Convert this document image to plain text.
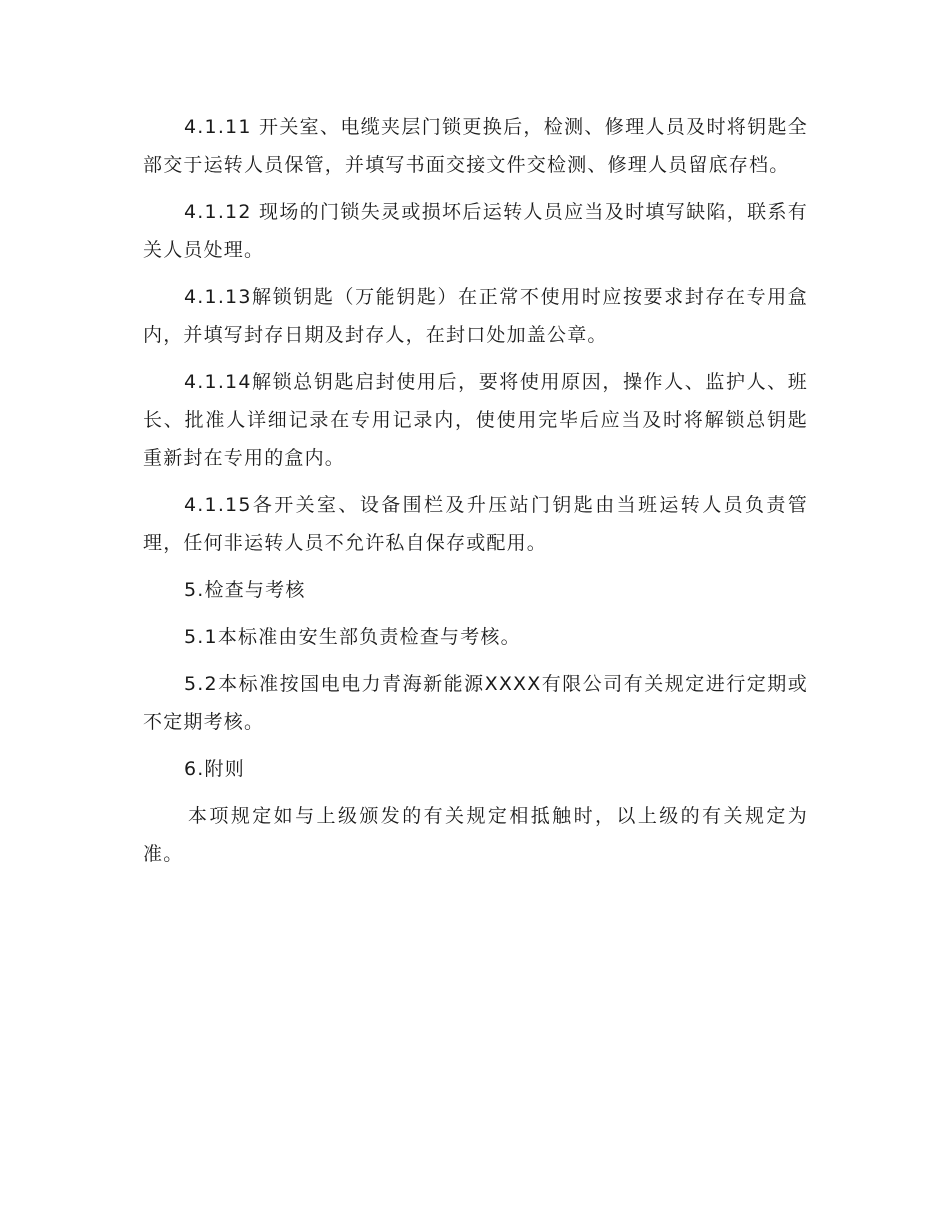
4.1.11 开关室、电缆夹层门锁更换后，检测、修理人员及时将钥匙全部交于运转人员保管，并填写书面交接文件交检测、修理人员留底存档。

4.1.12 现场的门锁失灵或损坏后运转人员应当及时填写缺陷，联系有关人员处理。

4.1.13解锁钥匙（万能钥匙）在正常不使用时应按要求封存在专用盒内，并填写封存日期及封存人，在封口处加盖公章。

4.1.14解锁总钥匙启封使用后，要将使用原因，操作人、监护人、班长、批准人详细记录在专用记录内，使使用完毕后应当及时将解锁总钥匙重新封在专用的盒内。

4.1.15各开关室、设备围栏及升压站门钥匙由当班运转人员负责管理，任何非运转人员不允许私自保存或配用。

5.检查与考核

5.1本标准由安生部负责检查与考核。

5.2本标准按国电电力青海新能源XXXX有限公司有关规定进行定期或不定期考核。

6.附则

本项规定如与上级颁发的有关规定相抵触时，以上级的有关规定为准。
